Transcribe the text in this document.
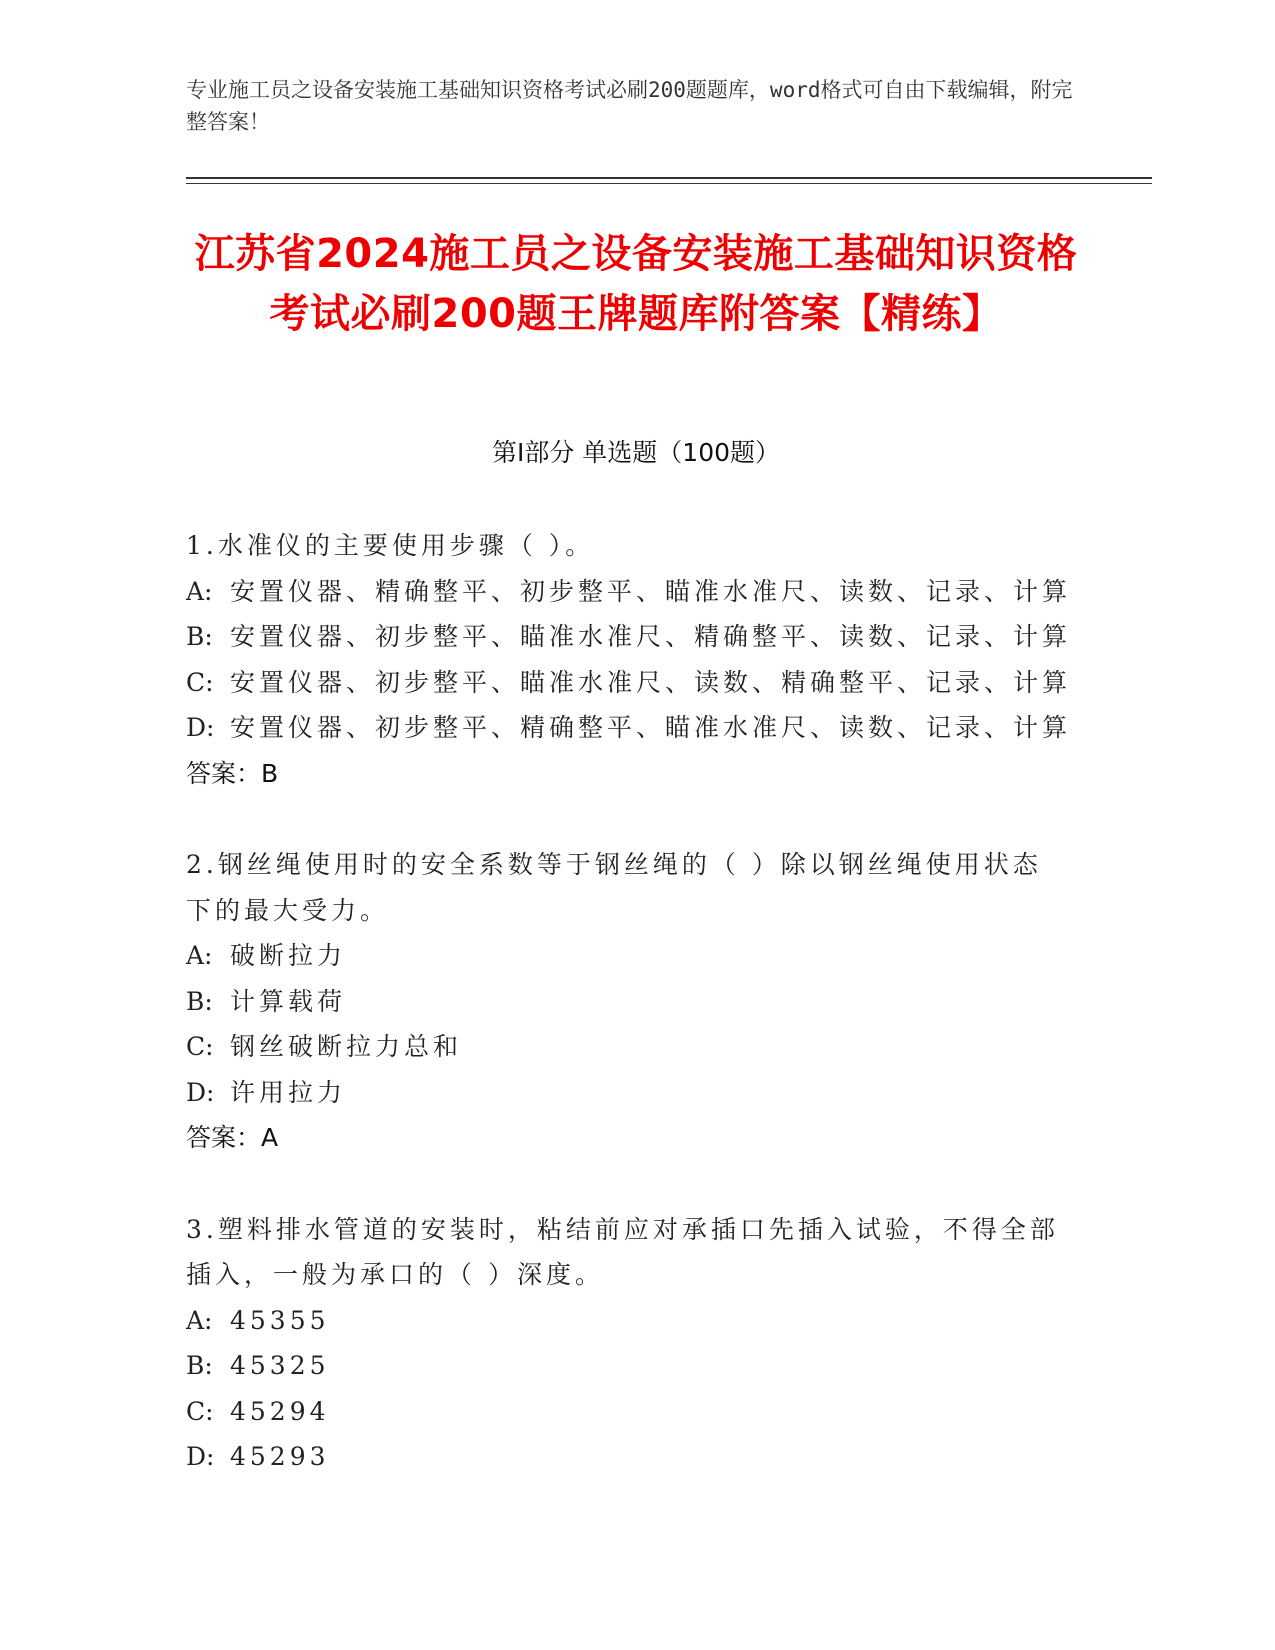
专业施工员之设备安装施工基础知识资格考试必刷200题题库，word格式可自由下载编辑，附完整答案！
江苏省2024施工员之设备安装施工基础知识资格考试必刷200题王牌题库附答案【精练】
第I部分 单选题（100题）
1.水准仪的主要使用步骤（ ）。
A: 安置仪器、精确整平、初步整平、瞄准水准尺、读数、记录、计算
B: 安置仪器、初步整平、瞄准水准尺、精确整平、读数、记录、计算
C: 安置仪器、初步整平、瞄准水准尺、读数、精确整平、记录、计算
D: 安置仪器、初步整平、精确整平、瞄准水准尺、读数、记录、计算
答案：B
2.钢丝绳使用时的安全系数等于钢丝绳的（ ）除以钢丝绳使用状态下的最大受力。
A: 破断拉力
B: 计算载荷
C: 钢丝破断拉力总和
D: 许用拉力
答案：A
3.塑料排水管道的安装时，粘结前应对承插口先插入试验，不得全部插入，一般为承口的（ ）深度。
A: 45355
B: 45325
C: 45294
D: 45293
